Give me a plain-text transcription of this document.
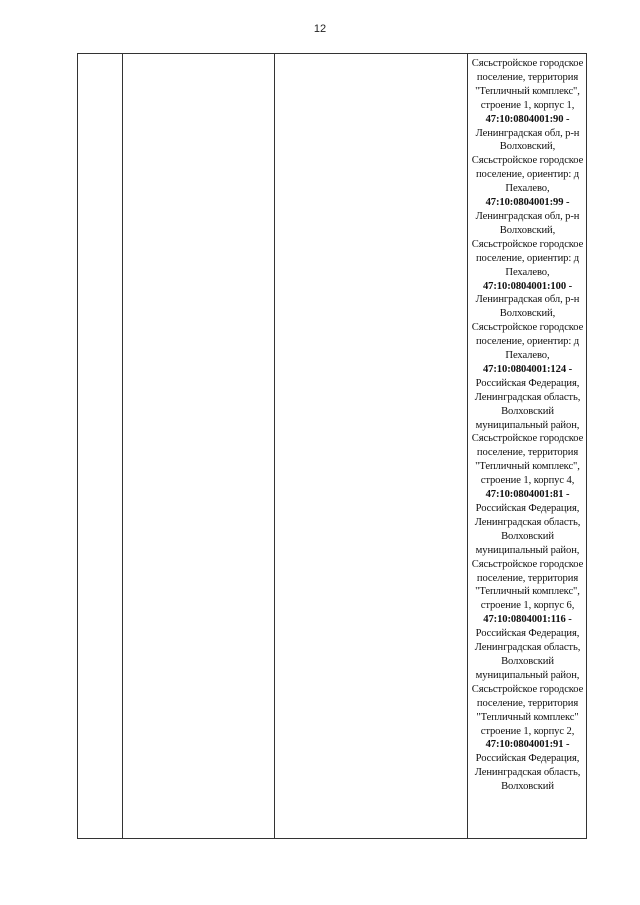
12
Сясьстройское городское
поселение, территория
"Тепличный комплекс",
строение 1, корпус 1,
47:10:0804001:90 -
Ленинградская обл, р-н
Волховский,
Сясьстройское городское
поселение, ориентир: д
Пехалево,
47:10:0804001:99 -
Ленинградская обл, р-н
Волховский,
Сясьстройское городское
поселение, ориентир: д
Пехалево,
47:10:0804001:100 -
Ленинградская обл, р-н
Волховский,
Сясьстройское городское
поселение, ориентир: д
Пехалево,
47:10:0804001:124 -
Российская Федерация,
Ленинградская область,
Волховский
муниципальный район,
Сясьстройское городское
поселение, территория
"Тепличный комплекс",
строение 1, корпус 4,
47:10:0804001:81 -
Российская Федерация,
Ленинградская область,
Волховский
муниципальный район,
Сясьстройское городское
поселение, территория
"Тепличный комплекс",
строение 1, корпус 6,
47:10:0804001:116 -
Российская Федерация,
Ленинградская область,
Волховский
муниципальный район,
Сясьстройское городское
поселение, территория
"Тепличный комплекс"
строение 1, корпус 2,
47:10:0804001:91 -
Российская Федерация,
Ленинградская область,
Волховский
